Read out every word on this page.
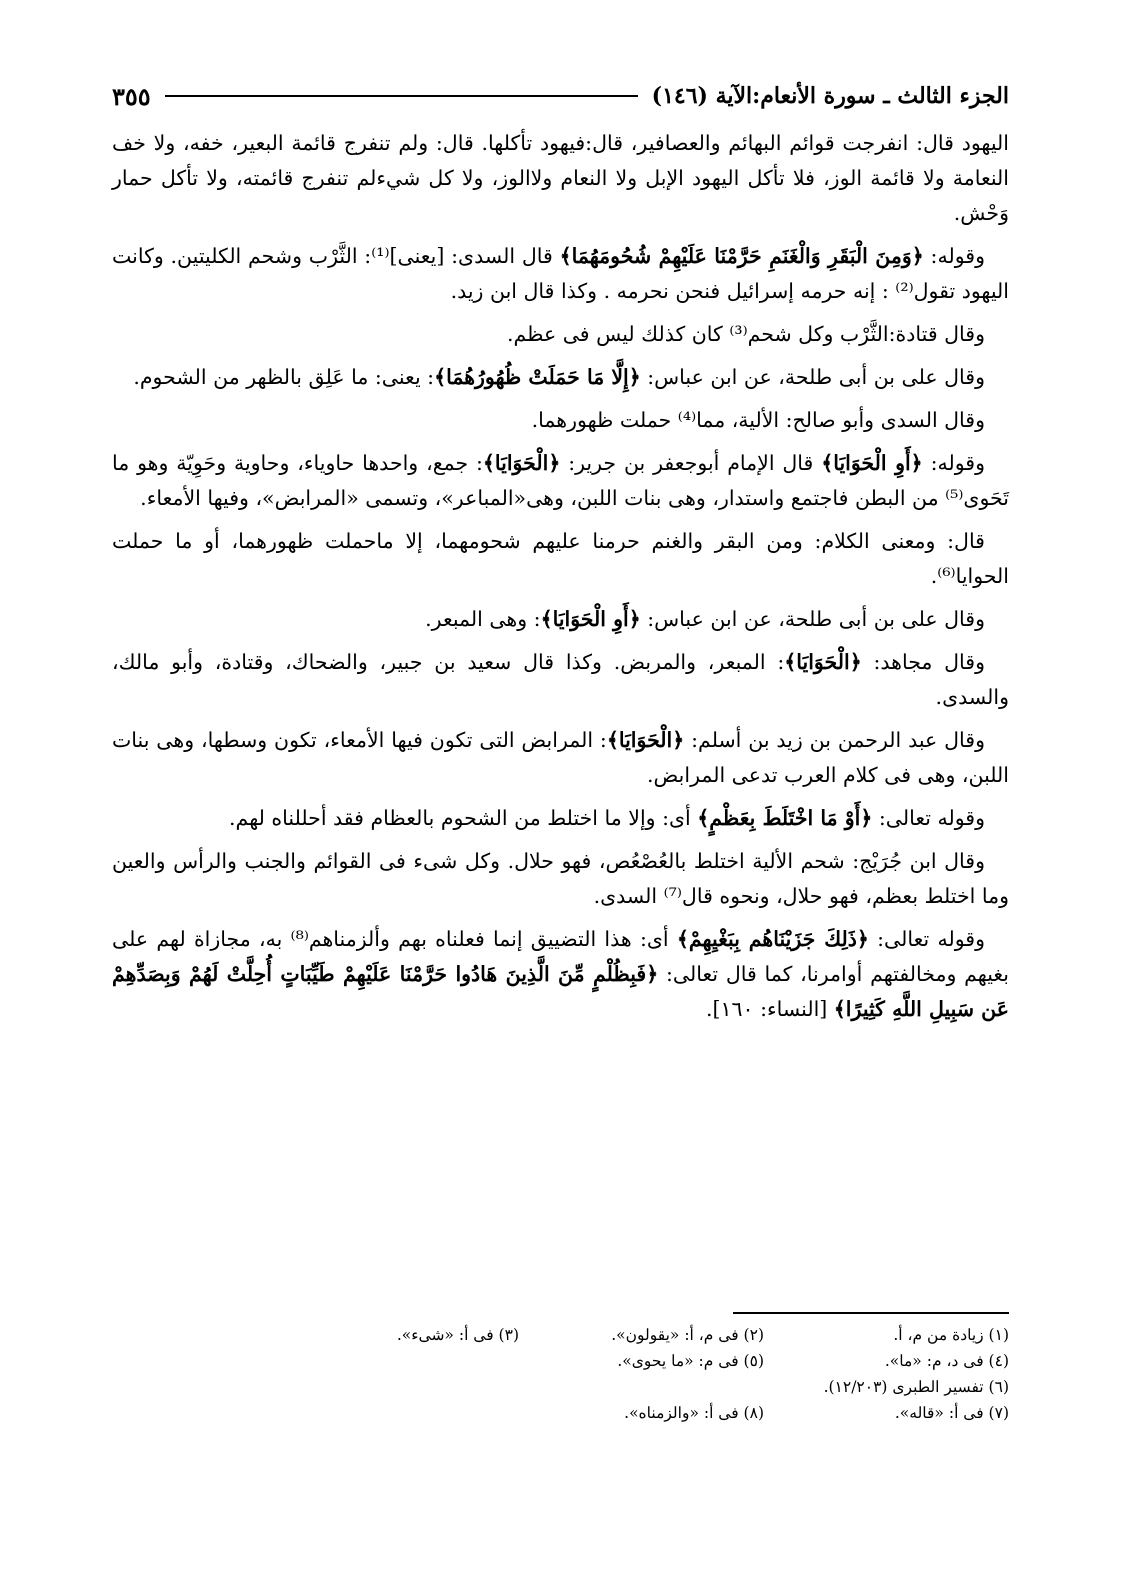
الجزء الثالث ـ سورة الأنعام:الآية (١٤٦)
٣٥٥

اليهود قال: انفرجت قوائم البهائم والعصافير، قال:فيهود تأكلها. قال: ولم تنفرج قائمة البعير، خفه، ولا خف النعامة ولا قائمة الوز، فلا تأكل اليهود الإبل ولا النعام ولاالوز، ولا كل شيءلم تنفرج قائمته، ولا تأكل حمار وَحْش.

وقوله: ﴿وَمِنَ الْبَقَرِ وَالْغَنَمِ حَرَّمْنَا عَلَيْهِمْ شُحُومَهُمَا﴾ قال السدى: [يعنى]⁽¹⁾: الثَّرْب وشحم الكليتين. وكانت اليهود تقول⁽²⁾ : إنه حرمه إسرائيل فنحن نحرمه . وكذا قال ابن زيد.

وقال قتادة:الثَّرْب وكل شحم⁽³⁾ كان كذلك ليس فى عظم.

وقال على بن أبى طلحة، عن ابن عباس: ﴿إِلَّا مَا حَمَلَتْ ظُهُورُهُمَا﴾: يعنى: ما عَلِق بالظهر من الشحوم.

وقال السدى وأبو صالح: الألية، مما⁽⁴⁾ حملت ظهورهما.

وقوله: ﴿أَوِ الْحَوَايَا﴾ قال الإمام أبوجعفر بن جرير: ﴿الْحَوَايَا﴾: جمع، واحدها حاوياء، وحاوية وحَوِيّة وهو ما تَحَوى⁽⁵⁾ من البطن فاجتمع واستدار، وهى بنات اللبن، وهى«المباعر»، وتسمى «المرابض»، وفيها الأمعاء.

قال: ومعنى الكلام: ومن البقر والغنم حرمنا عليهم شحومهما، إلا ماحملت ظهورهما، أو ما حملت الحوايا⁽⁶⁾.

وقال على بن أبى طلحة، عن ابن عباس: ﴿أَوِ الْحَوَايَا﴾: وهى المبعر.

وقال مجاهد: ﴿الْحَوَايَا﴾: المبعر، والمربض. وكذا قال سعيد بن جبير، والضحاك، وقتادة، وأبو مالك، والسدى.

وقال عبد الرحمن بن زيد بن أسلم: ﴿الْحَوَايَا﴾: المرابض التى تكون فيها الأمعاء، تكون وسطها، وهى بنات اللبن، وهى فى كلام العرب تدعى المرابض.

وقوله تعالى: ﴿أَوْ مَا اخْتَلَطَ بِعَظْمٍ﴾ أى: وإلا ما اختلط من الشحوم بالعظام فقد أحللناه لهم.

وقال ابن جُرَيْج: شحم الألية اختلط بالعُصْعُص، فهو حلال. وكل شىء فى القوائم والجنب والرأس والعين وما اختلط بعظم، فهو حلال، ونحوه قال⁽⁷⁾ السدى.

وقوله تعالى: ﴿ذَلِكَ جَزَيْنَاهُم بِبَغْيِهِمْ﴾ أى: هذا التضييق إنما فعلناه بهم وألزمناهم⁽⁸⁾ به، مجازاة لهم على بغيهم ومخالفتهم أوامرنا، كما قال تعالى: ﴿فَبِظُلْمٍ مِّنَ الَّذِينَ هَادُوا حَرَّمْنَا عَلَيْهِمْ طَيِّبَاتٍ أُحِلَّتْ لَهُمْ وَبِصَدِّهِمْ عَن سَبِيلِ اللَّهِ كَثِيرًا﴾ [النساء: ١٦٠].

(١) زيادة من م، أ.
(٢) فى م، أ: «يقولون».
(٣) فى أ: «شىء».
(٤) فى د، م: «ما».
(٥) فى م: «ما يحوى».
(٦) تفسير الطبرى (١٢/٢٠٣).
(٧) فى أ: «قاله».
(٨) فى أ: «والزمناه».
